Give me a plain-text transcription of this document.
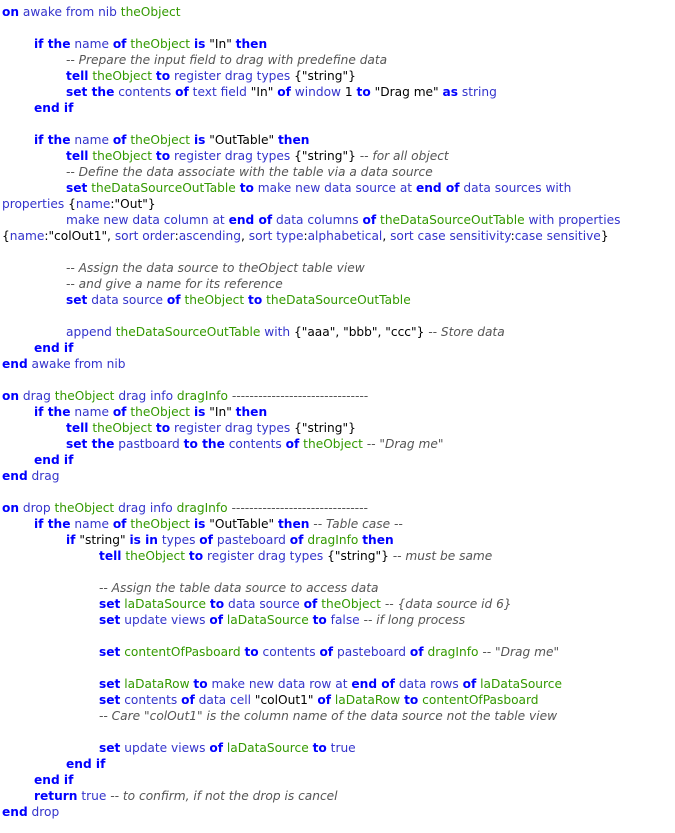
on awake from nib theObject
if the name of theObject is "In" then
-- Prepare the input field to drag with predefine data
tell theObject to register drag types {"string"}
set the contents of text field "In" of window 1 to "Drag me" as string
end if
if the name of theObject is "OutTable" then
tell theObject to register drag types {"string"} -- for all object
-- Define the data associate with the table via a data source
set theDataSourceOutTable to make new data source at end of data sources with
properties {name:"Out"}
make new data column at end of data columns of theDataSourceOutTable with properties
{name:"colOut1", sort order:ascending, sort type:alphabetical, sort case sensitivity:case sensitive}
-- Assign the data source to theObject table view
-- and give a name for its reference
set data source of theObject to theDataSourceOutTable
append theDataSourceOutTable with {"aaa", "bbb", "ccc"} -- Store data
end if
end awake from nib
on drag theObject drag info dragInfo -------------------------------
if the name of theObject is "In" then
tell theObject to register drag types {"string"}
set the pastboard to the contents of theObject -- "Drag me"
end if
end drag
on drop theObject drag info dragInfo -------------------------------
if the name of theObject is "OutTable" then -- Table case --
if "string" is in types of pasteboard of dragInfo then
tell theObject to register drag types {"string"} -- must be same
-- Assign the table data source to access data
set laDataSource to data source of theObject -- {data source id 6}
set update views of laDataSource to false -- if long process
set contentOfPasboard to contents of pasteboard of dragInfo -- "Drag me"
set laDataRow to make new data row at end of data rows of laDataSource
set contents of data cell "colOut1" of laDataRow to contentOfPasboard
-- Care "colOut1" is the column name of the data source not the table view
set update views of laDataSource to true
end if
end if
return true -- to confirm, if not the drop is cancel
end drop
